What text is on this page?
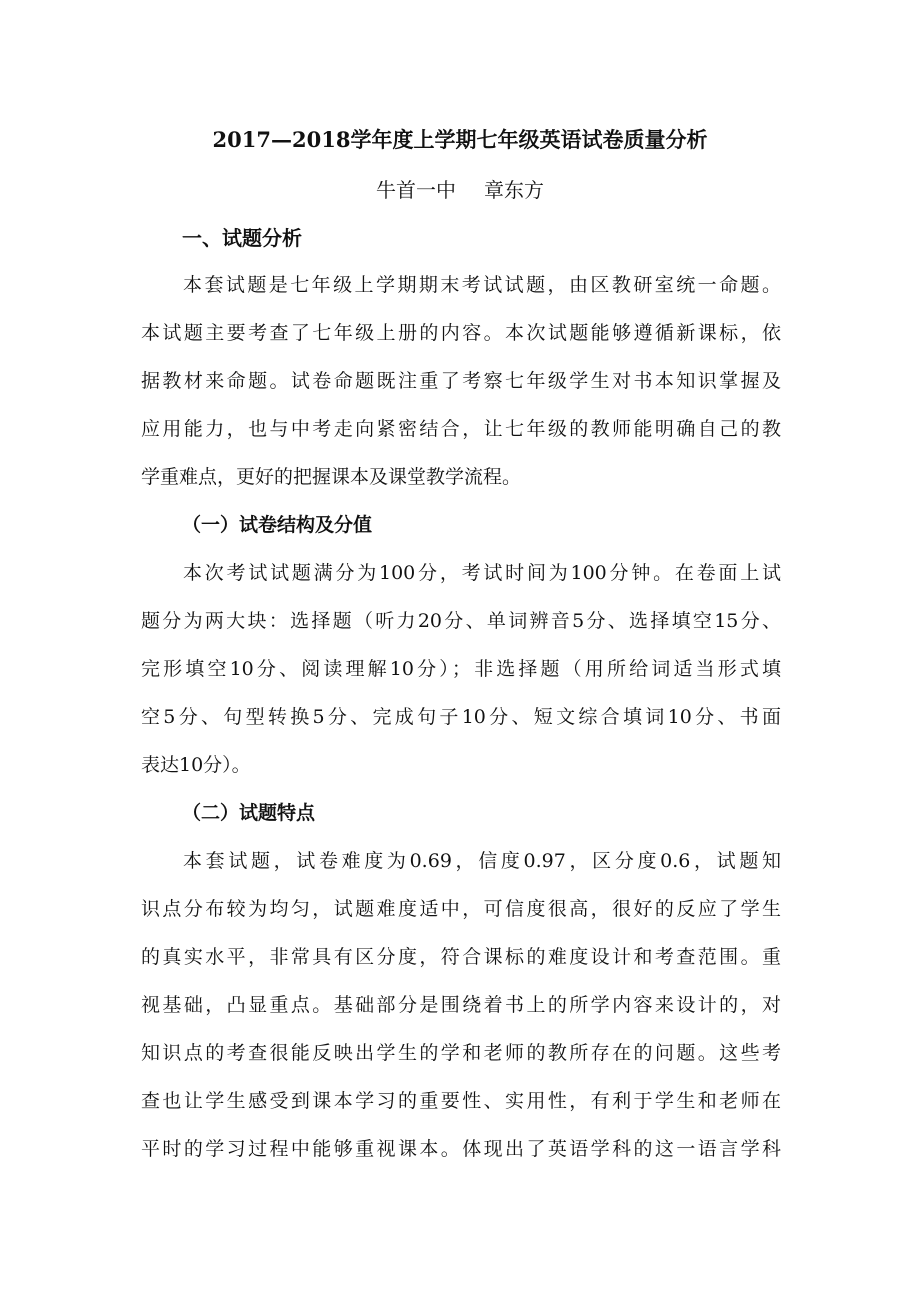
2017—2018学年度上学期七年级英语试卷质量分析
牛首一中 章东方
一、试题分析
本套试题是七年级上学期期末考试试题，由区教研室统一命题。
本试题主要考查了七年级上册的内容。本次试题能够遵循新课标，依
据教材来命题。试卷命题既注重了考察七年级学生对书本知识掌握及
应用能力，也与中考走向紧密结合，让七年级的教师能明确自己的教
学重难点，更好的把握课本及课堂教学流程。
（一）试卷结构及分值
本次考试试题满分为100分，考试时间为100分钟。在卷面上试
题分为两大块：选择题（听力20分、单词辨音5分、选择填空15分、
完形填空10分、阅读理解10分）；非选择题（用所给词适当形式填
空5分、句型转换5分、完成句子10分、短文综合填词10分、书面
表达10分）。
（二）试题特点
本套试题，试卷难度为0.69，信度0.97，区分度0.6，试题知
识点分布较为均匀，试题难度适中，可信度很高，很好的反应了学生
的真实水平，非常具有区分度，符合课标的难度设计和考查范围。重
视基础，凸显重点。基础部分是围绕着书上的所学内容来设计的，对
知识点的考查很能反映出学生的学和老师的教所存在的问题。这些考
查也让学生感受到课本学习的重要性、实用性，有利于学生和老师在
平时的学习过程中能够重视课本。体现出了英语学科的这一语言学科
